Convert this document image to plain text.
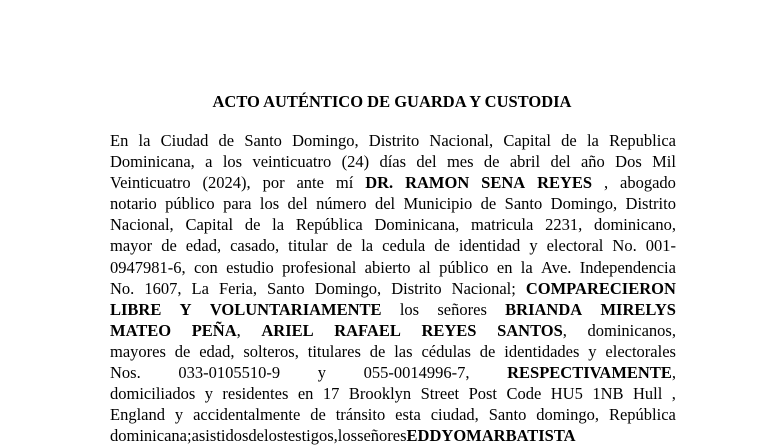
ACTO AUTÉNTICO DE GUARDA Y CUSTODIA
En la Ciudad de Santo Domingo, Distrito Nacional, Capital de la Republica
Dominicana, a los veinticuatro (24) días del mes de abril del año Dos Mil
Veinticuatro (2024), por ante mí DR. RAMON SENA REYES , abogado
notario público para los del número del Municipio de Santo Domingo, Distrito
Nacional, Capital de la República Dominicana, matricula 2231, dominicano,
mayor de edad, casado, titular de la cedula de identidad y electoral No. 001-
0947981-6, con estudio profesional abierto al público en la Ave. Independencia
No. 1607, La Feria, Santo Domingo, Distrito Nacional; COMPARECIERON
LIBRE Y VOLUNTARIAMENTE los señores BRIANDA MIRELYS
MATEO PEÑA, ARIEL RAFAEL REYES SANTOS, dominicanos,
mayores de edad, solteros, titulares de las cédulas de identidades y electorales
Nos. 033-0105510-9 y 055-0014996-7, RESPECTIVAMENTE,
domiciliados y residentes en 17 Brooklyn Street Post Code HU5 1NB Hull ,
England y accidentalmente de tránsito esta ciudad, Santo domingo, República
dominicana; asistidos de los testigos, los señores EDDY OMAR BATISTA
